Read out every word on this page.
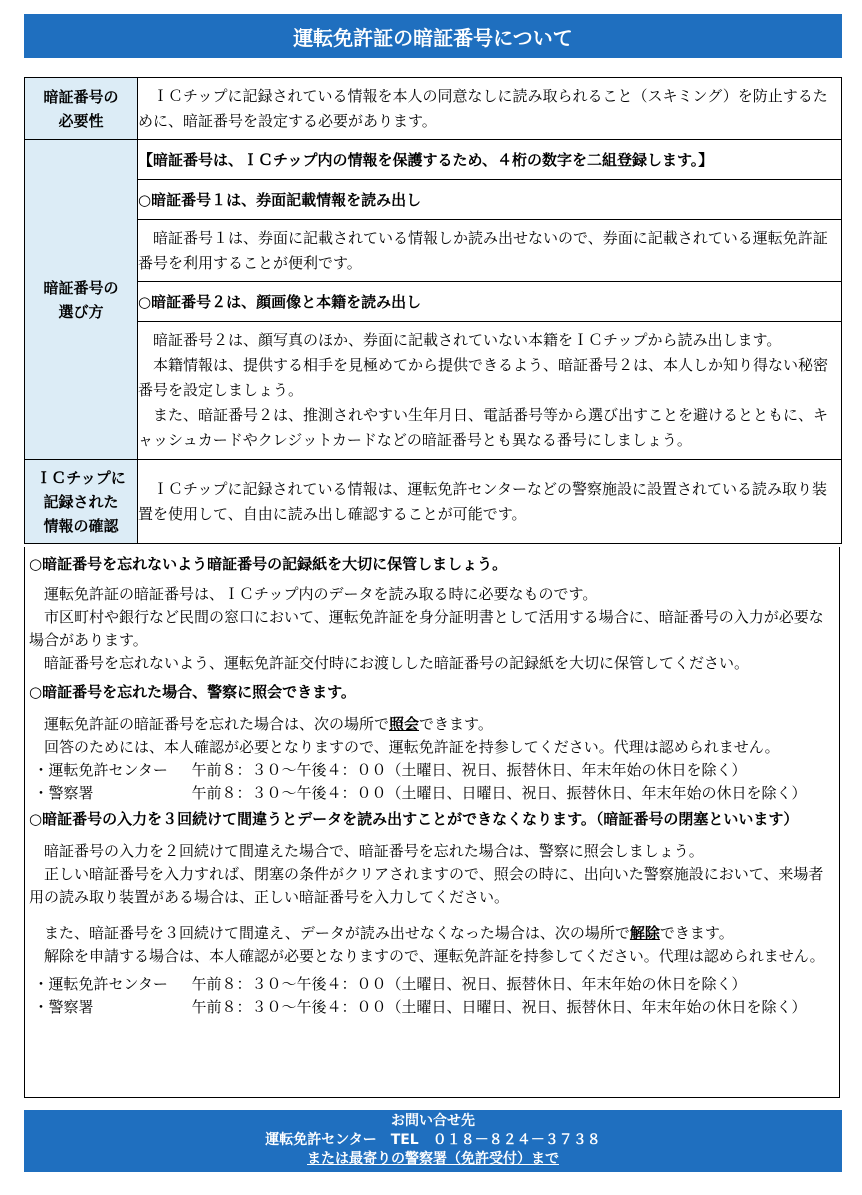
運転免許証の暗証番号について
暗証番号の
必要性	ＩＣチップに記録されている情報を本人の同意なしに読み取られること（スキミング）を防止するために、暗証番号を設定する必要があります。

暗証番号の
選び方	【暗証番号は、ＩＣチップ内の情報を保護するため、４桁の数字を二組登録します。】
	○暗証番号１は、券面記載情報を読み出し

	暗証番号１は、券面に記載されている情報しか読み出せないので、券面に記載されている運転免許証番号を利用することが便利です。

	○暗証番号２は、顔画像と本籍を読み出し

	暗証番号２は、顔写真のほか、券面に記載されていない本籍をＩＣチップから読み出します。

本籍情報は、提供する相手を見極めてから提供できるよう、暗証番号２は、本人しか知り得ない秘密番号を設定しましょう。

また、暗証番号２は、推測されやすい生年月日、電話番号等から選び出すことを避けるとともに、キャッシュカードやクレジットカードなどの暗証番号とも異なる番号にしましょう。

ＩＣチップに
記録された
情報の確認	ＩＣチップに記録されている情報は、運転免許センターなどの警察施設に設置されている読み取り装置を使用して、自由に読み出し確認することが可能です。

○暗証番号を忘れないよう暗証番号の記録紙を大切に保管しましょう。
運転免許証の暗証番号は、ＩＣチップ内のデータを読み取る時に必要なものです。
市区町村や銀行など民間の窓口において、運転免許証を身分証明書として活用する場合に、暗証番号の入力が必要な場合があります。
暗証番号を忘れないよう、運転免許証交付時にお渡しした暗証番号の記録紙を大切に保管してください。
○暗証番号を忘れた場合、警察に照会できます。
運転免許証の暗証番号を忘れた場合は、次の場所で照会できます。
回答のためには、本人確認が必要となりますので、運転免許証を持参してください。代理は認められません。
・運転免許センター	午前８：３０～午後４：００（土曜日、祝日、振替休日、年末年始の休日を除く）
・警察署	午前８：３０～午後４：００（土曜日、日曜日、祝日、振替休日、年末年始の休日を除く）
○暗証番号の入力を３回続けて間違うとデータを読み出すことができなくなります。（暗証番号の閉塞といいます）
暗証番号の入力を２回続けて間違えた場合で、暗証番号を忘れた場合は、警察に照会しましょう。
正しい暗証番号を入力すれば、閉塞の条件がクリアされますので、照会の時に、出向いた警察施設において、来場者用の読み取り装置がある場合は、正しい暗証番号を入力してください。
また、暗証番号を３回続けて間違え、データが読み出せなくなった場合は、次の場所で解除できます。
解除を申請する場合は、本人確認が必要となりますので、運転免許証を持参してください。代理は認められません。
・運転免許センター	午前８：３０～午後４：００（土曜日、祝日、振替休日、年末年始の休日を除く）
・警察署	午前８：３０～午後４：００（土曜日、日曜日、祝日、振替休日、年末年始の休日を除く）
お問い合せ先
運転免許センター　TEL　０１８－８２４－３７３８
または最寄りの警察署（免許受付）まで
